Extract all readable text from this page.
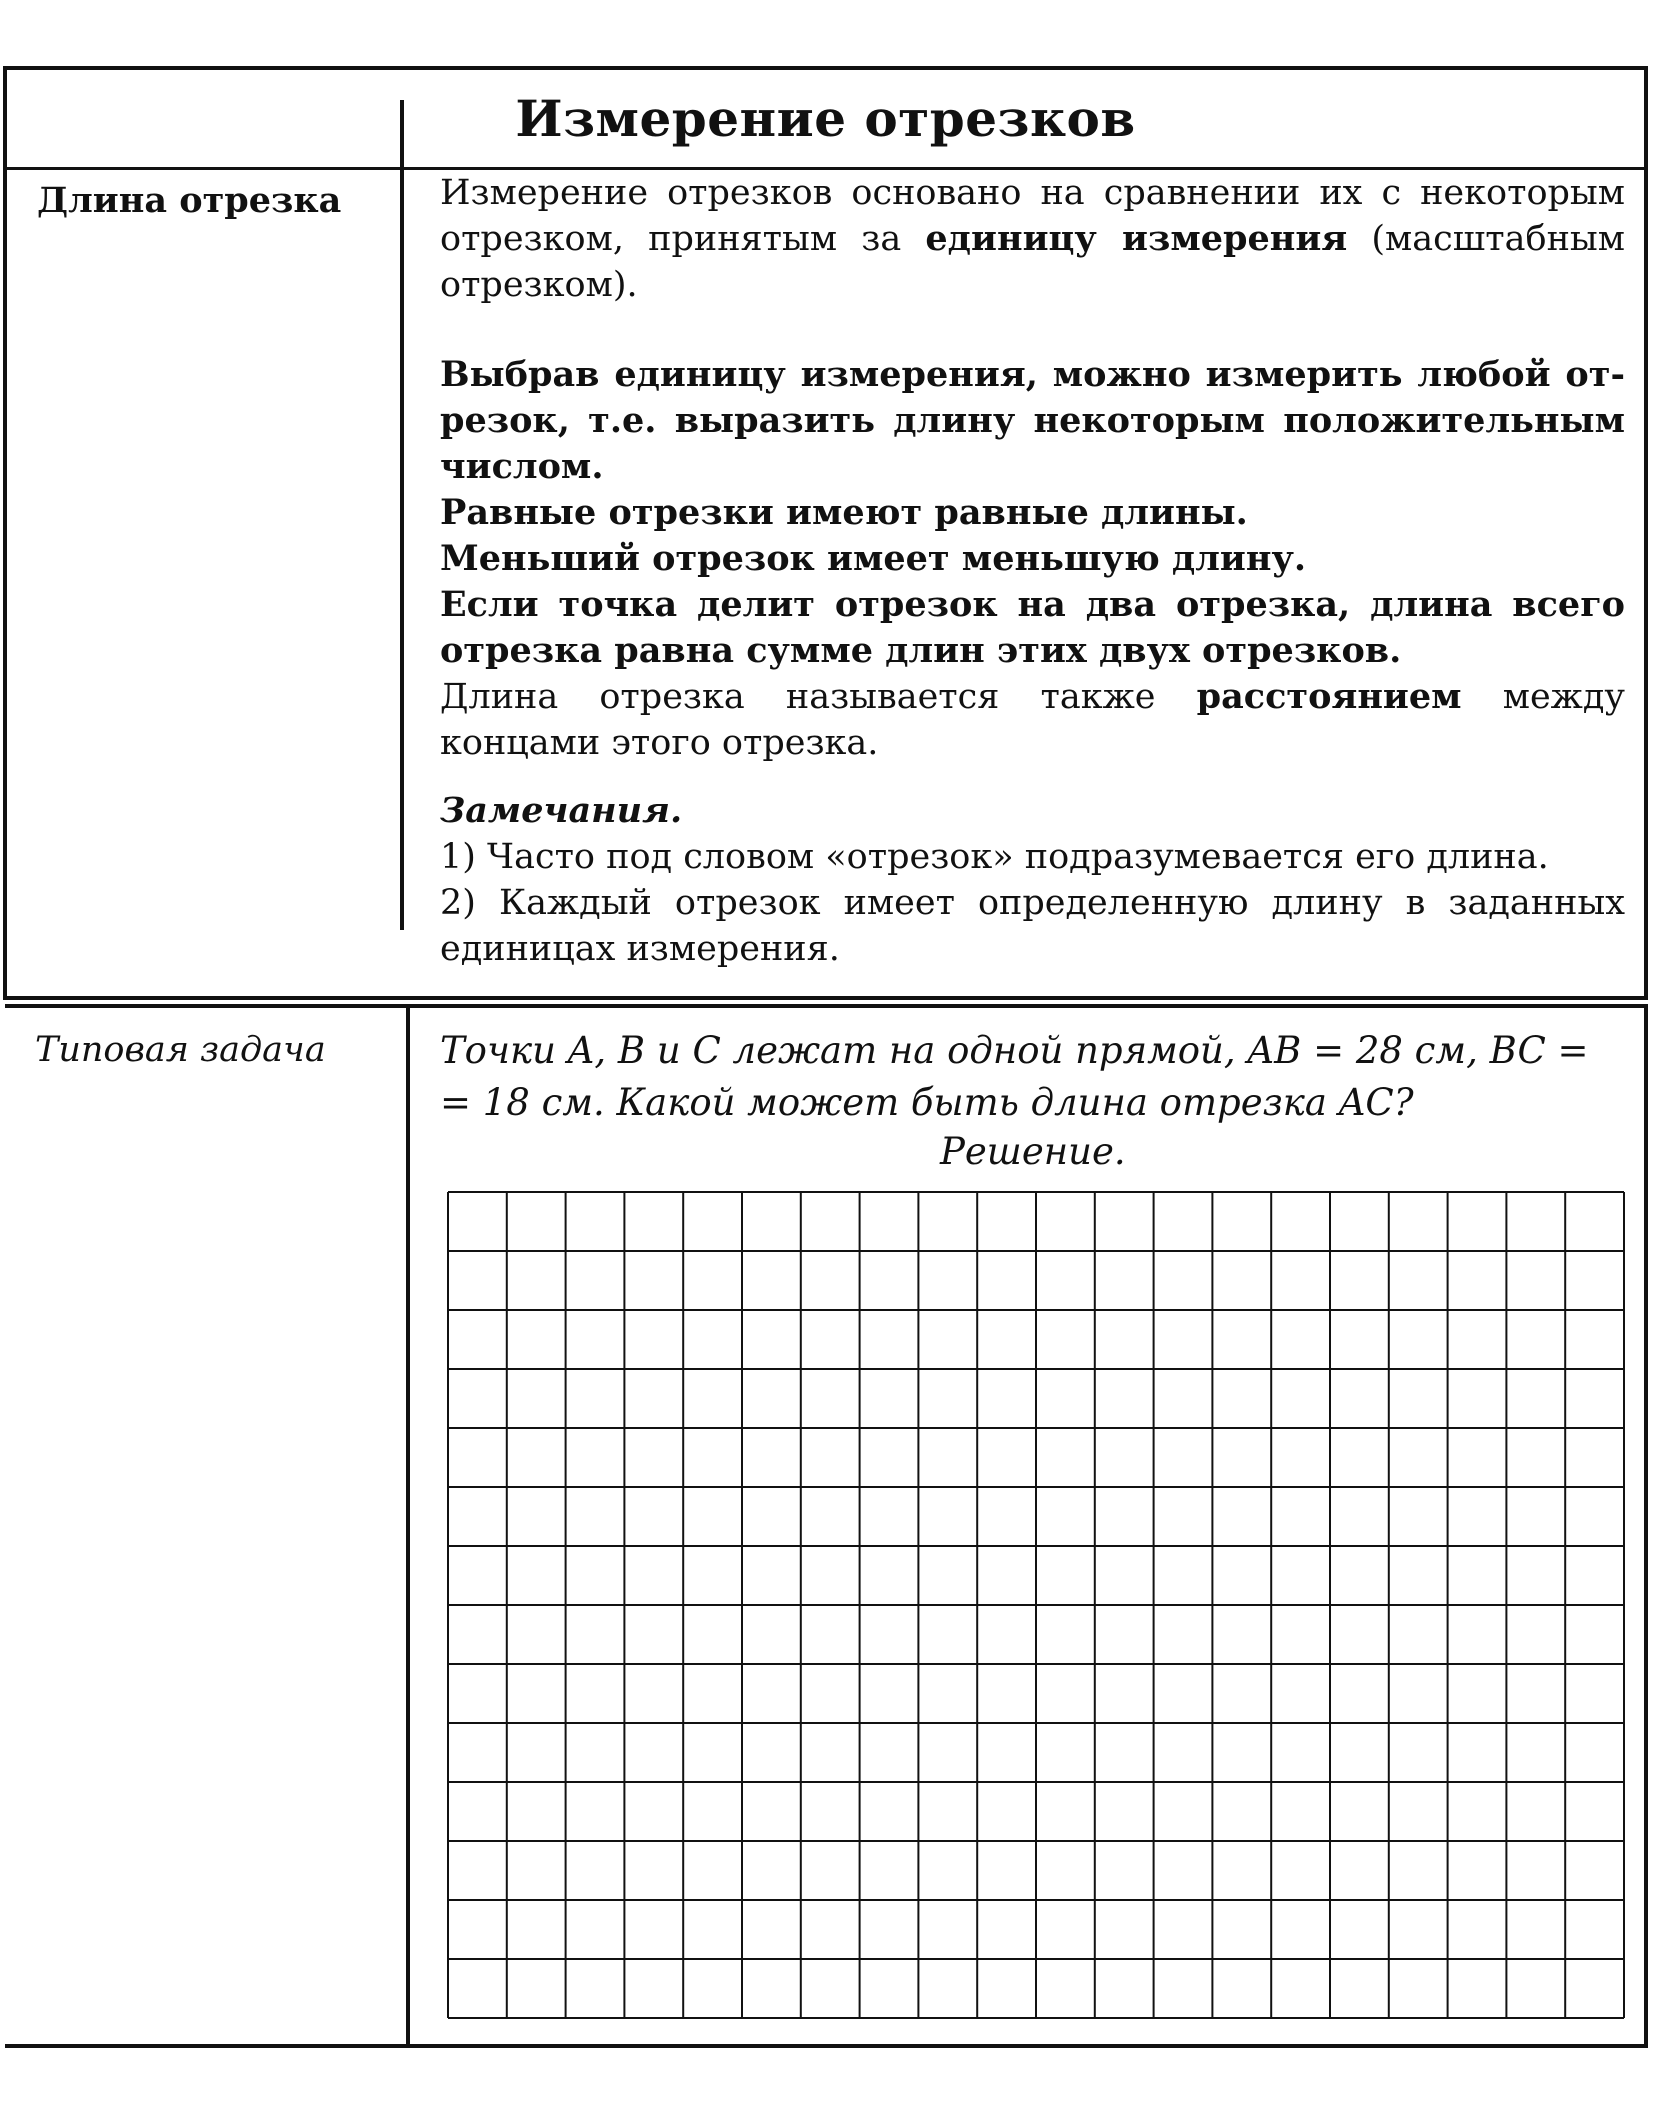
Измерение отрезков
Длина отрезка	Измерение отрезков основано на сравнении их с некоторым отрезком, принятым за единицу измерения (масштабным отрезком).

Выбрав единицу измерения, можно измерить любой отрезок, т.е. выразить длину некоторым положительным числом.

Равные отрезки имеют равные длины.

Меньший отрезок имеет меньшую длину.

Если точка делит отрезок на два отрезка, длина всего отрезка равна сумме длин этих двух отрезков.

Длина отрезка называется также расстоянием между концами этого отрезка.

Замечания.

1) Часто под словом «отрезок» подразумевается его длина.

2) Каждый отрезок имеет определенную длину в заданных единицах измерения.

Типовая задача	Точки A, B и C лежат на одной прямой, AB = 28 см, BC = = 18 см. Какой может быть длина отрезка AC?
Решение.
